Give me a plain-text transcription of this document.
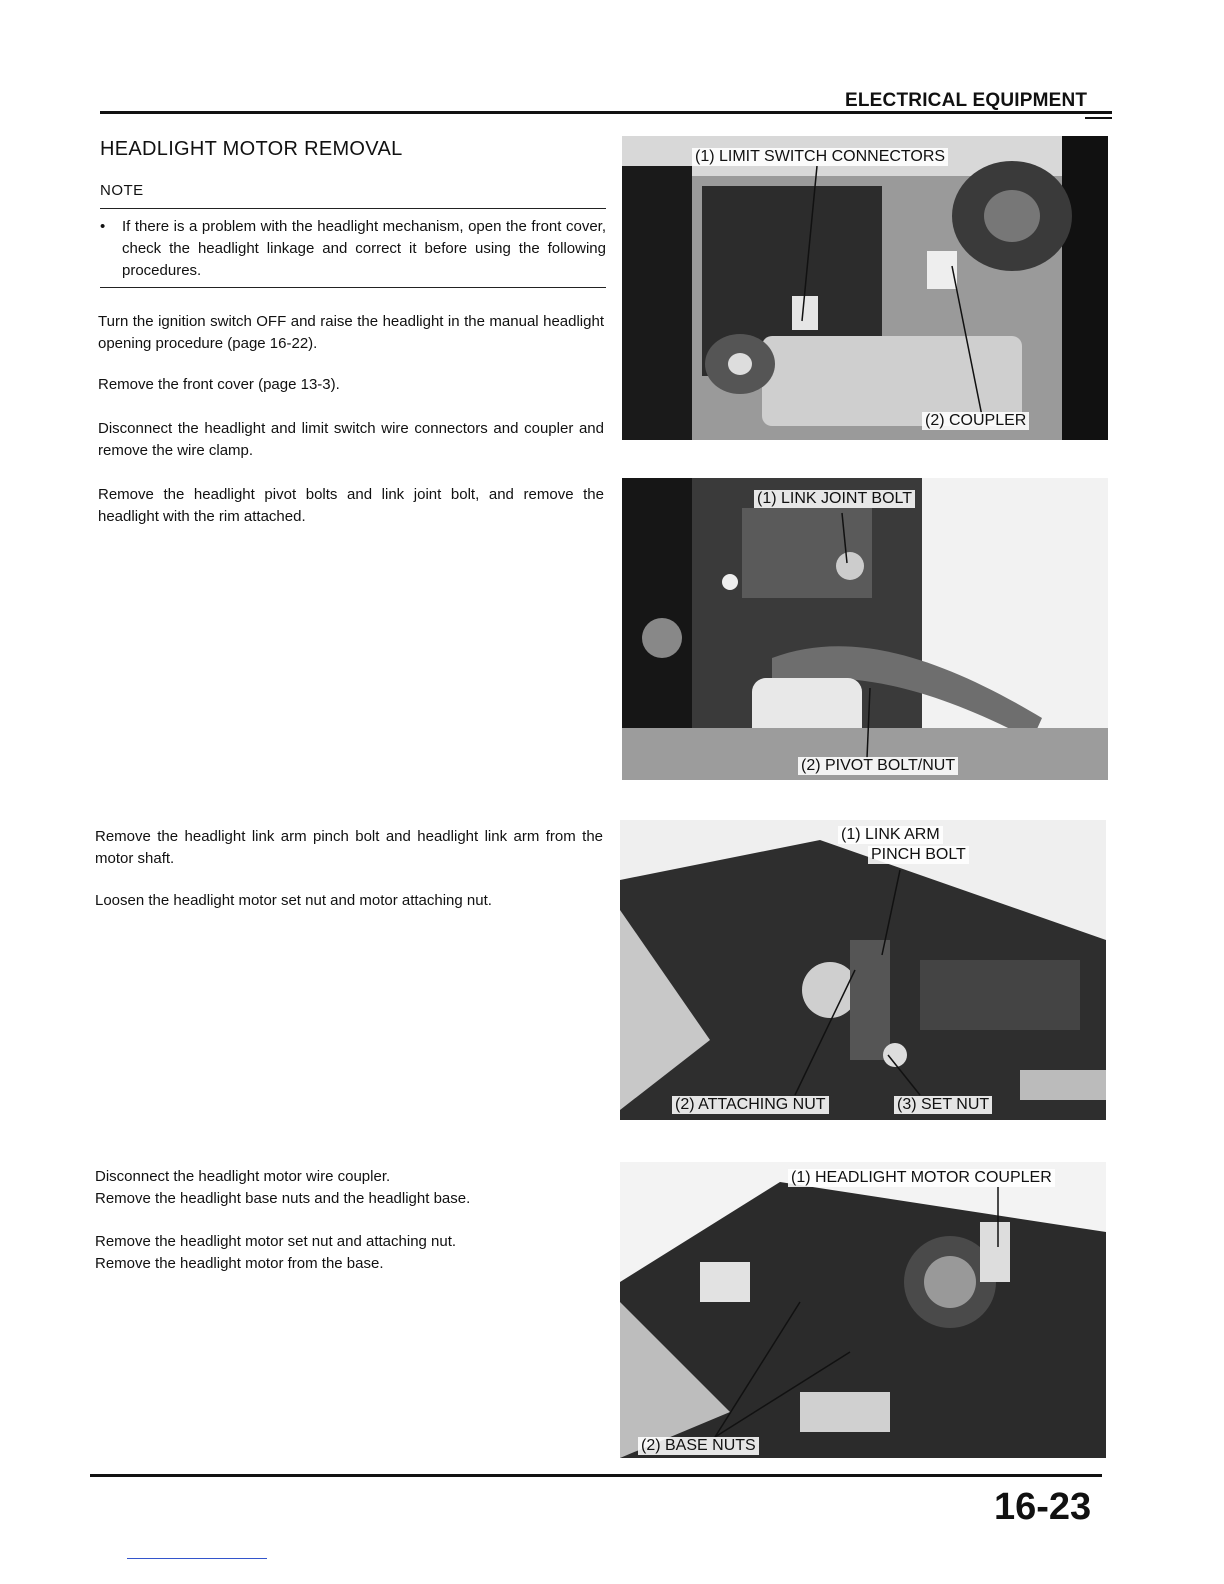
ELECTRICAL EQUIPMENT
HEADLIGHT MOTOR REMOVAL
NOTE
• If there is a problem with the headlight mechanism, open the front cover, check the headlight linkage and correct it before using the following procedures.
Turn the ignition switch OFF and raise the headlight in the manual headlight opening procedure (page 16-22).
Remove the front cover (page 13-3).
Disconnect the headlight and limit switch wire connectors and coupler and remove the wire clamp.
Remove the headlight pivot bolts and link joint bolt, and remove the headlight with the rim attached.
Remove the headlight link arm pinch bolt and headlight link arm from the motor shaft.
Loosen the headlight motor set nut and motor attaching nut.
Disconnect the headlight motor wire coupler.
Remove the headlight base nuts and the headlight base.
Remove the headlight motor set nut and attaching nut.
Remove the headlight motor from the base.
(1) LIMIT SWITCH CONNECTORS
(2) COUPLER
(1) LINK JOINT BOLT
(2) PIVOT BOLT/NUT
(1) LINK ARM
PINCH BOLT
(2) ATTACHING NUT	(3) SET NUT
(1) HEADLIGHT MOTOR COUPLER
(2) BASE NUTS
16-23
